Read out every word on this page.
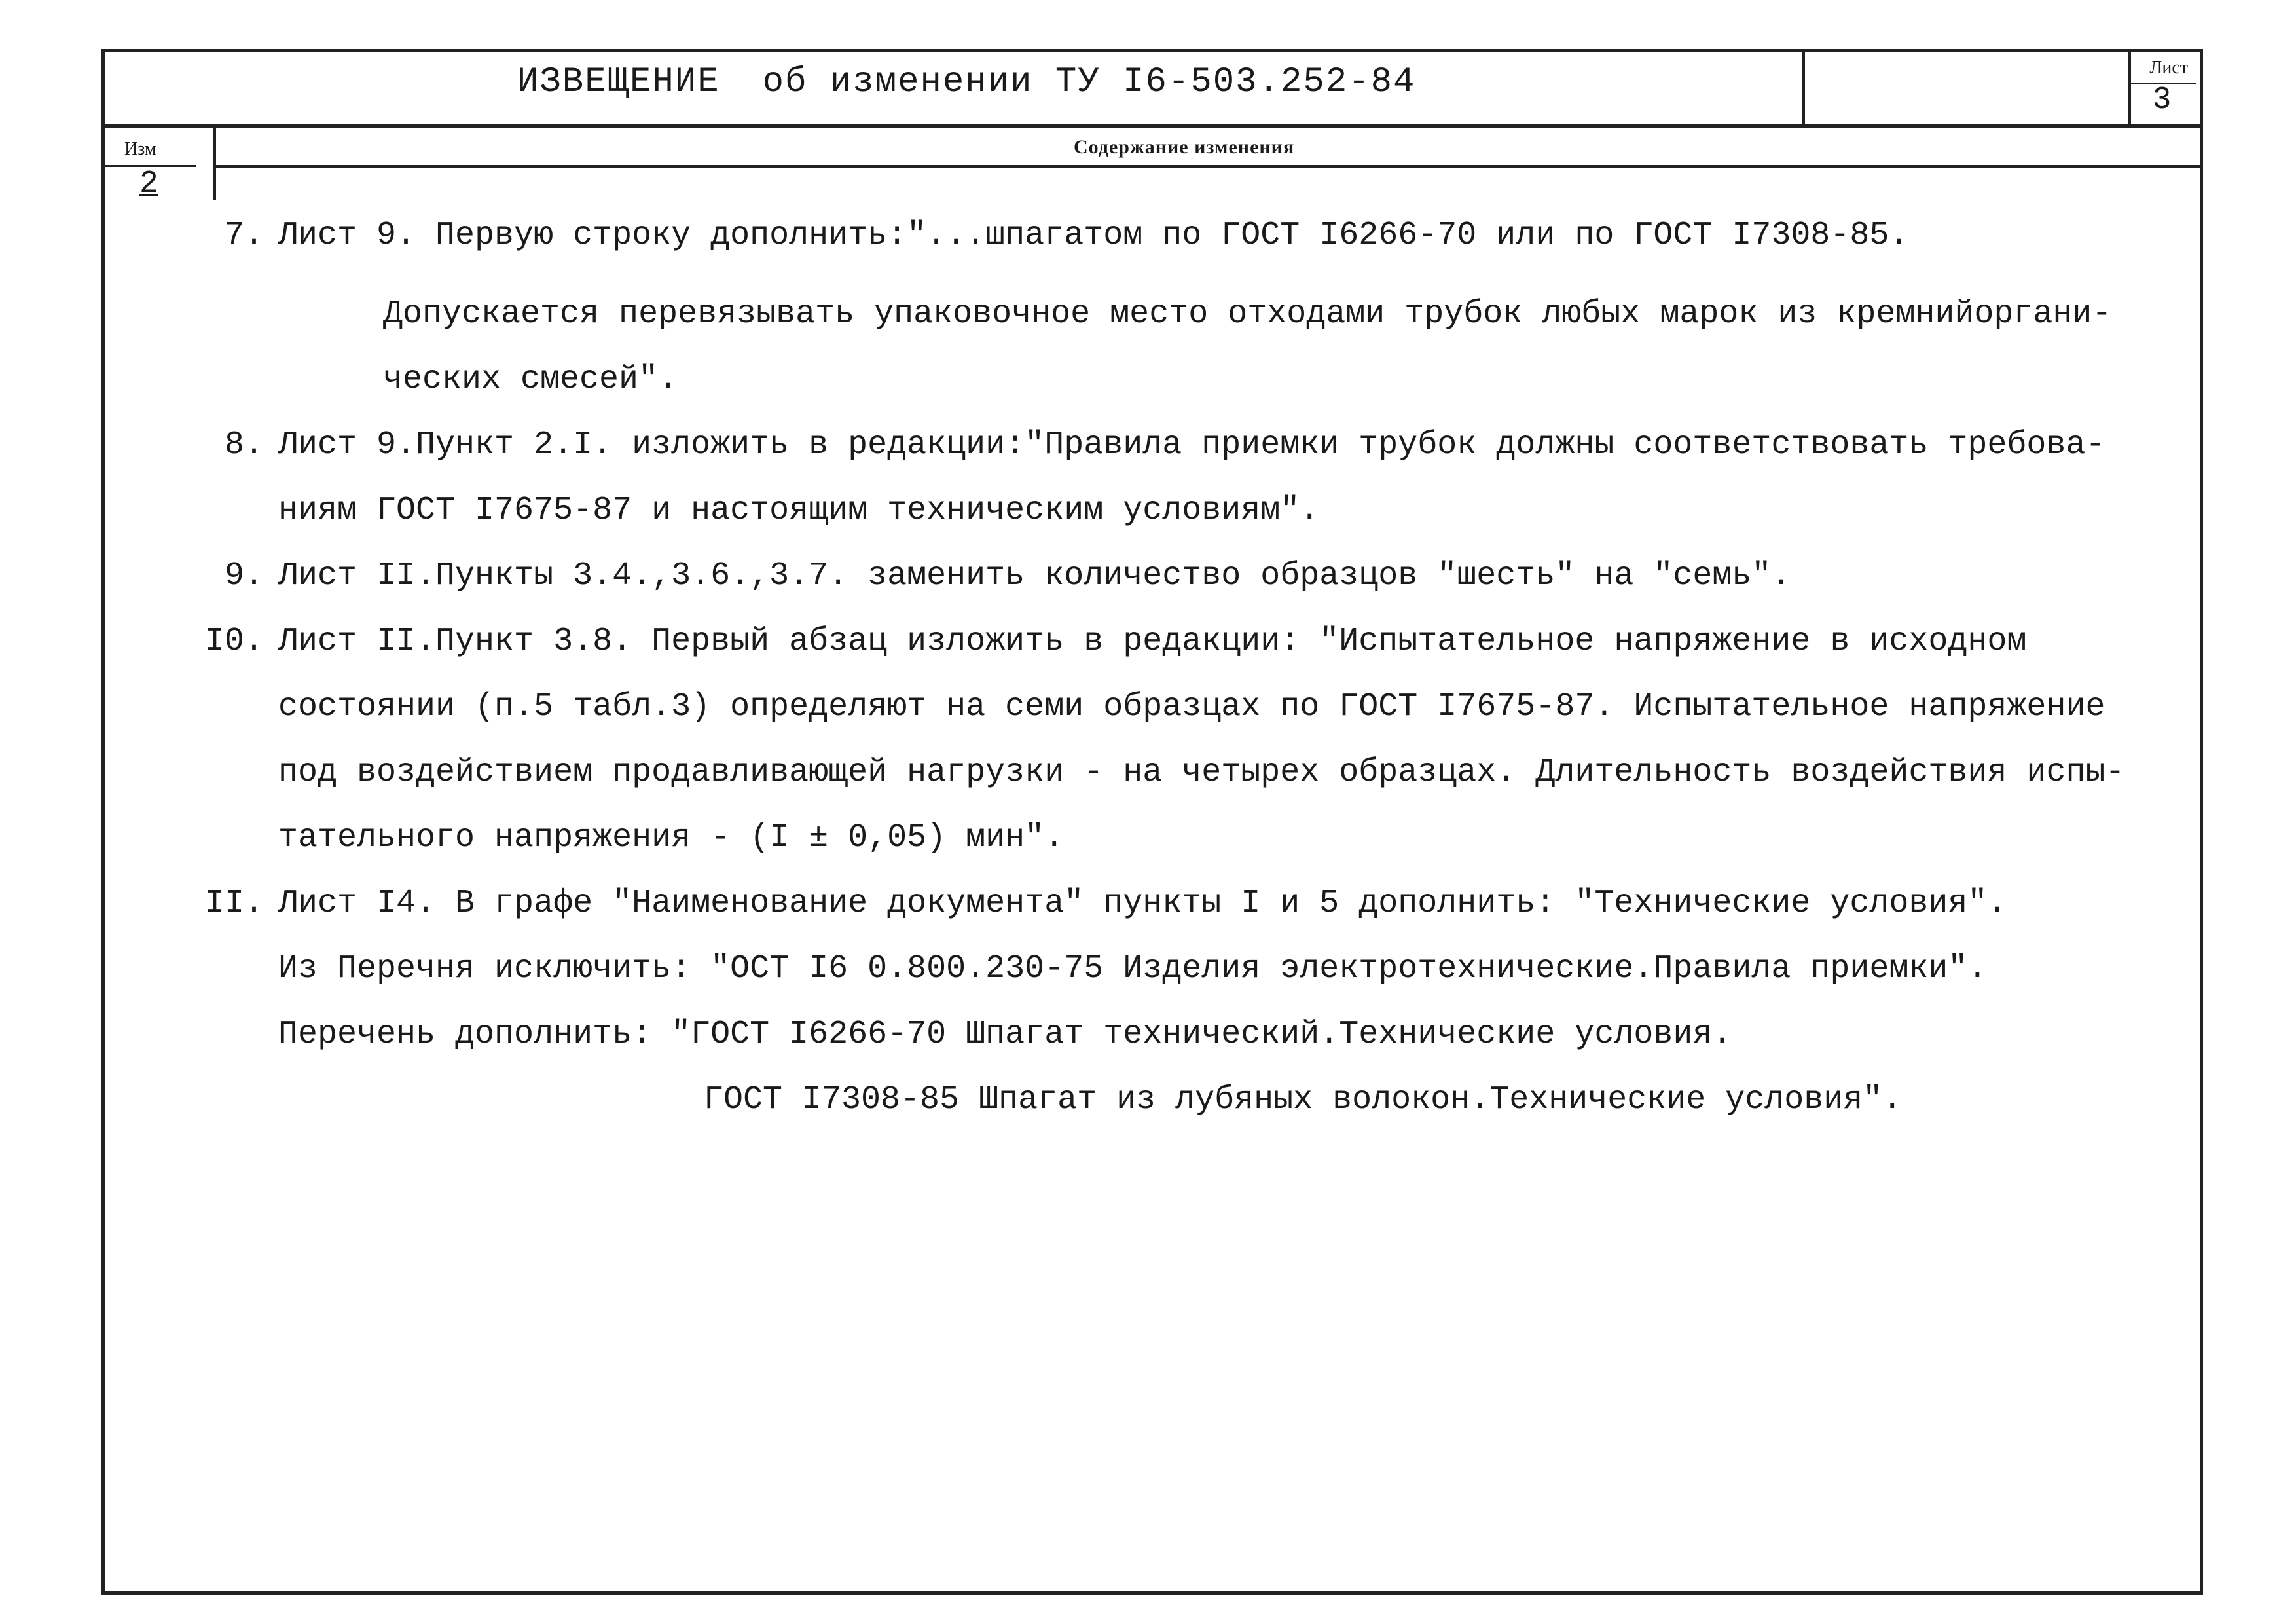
ИЗВЕЩЕНИЕ об изменении ТУ I6-503.252-84	Лист
3
Изм
2
Содержание изменения
7. Лист 9. Первую строку дополнить:"...шпагатом по ГОСТ I6266-70 или по ГОСТ I7308-85.
Допускается перевязывать упаковочное место отходами трубок любых марок из кремнийоргани-
ческих смесей".
8. Лист 9.Пункт 2.I. изложить в редакции:"Правила приемки трубок должны соответствовать требова-
ниям ГОСТ I7675-87 и настоящим техническим условиям".
9. Лист II.Пункты 3.4.,3.6.,3.7. заменить количество образцов "шесть" на "семь".
I0. Лист II.Пункт 3.8. Первый абзац изложить в редакции: "Испытательное напряжение в исходном
состоянии (п.5 табл.3) определяют на семи образцах по ГОСТ I7675-87. Испытательное напряжение
под воздействием продавливающей нагрузки - на четырех образцах. Длительность воздействия испы-
тательного напряжения - (I ± 0,05) мин".
II. Лист I4. В графе "Наименование документа" пункты I и 5 дополнить: "Технические условия".
Из Перечня исключить: "ОСТ I6 0.800.230-75 Изделия электротехнические.Правила приемки".
Перечень дополнить: "ГОСТ I6266-70 Шпагат технический.Технические условия.
ГОСТ I7308-85 Шпагат из лубяных волокон.Технические условия".
